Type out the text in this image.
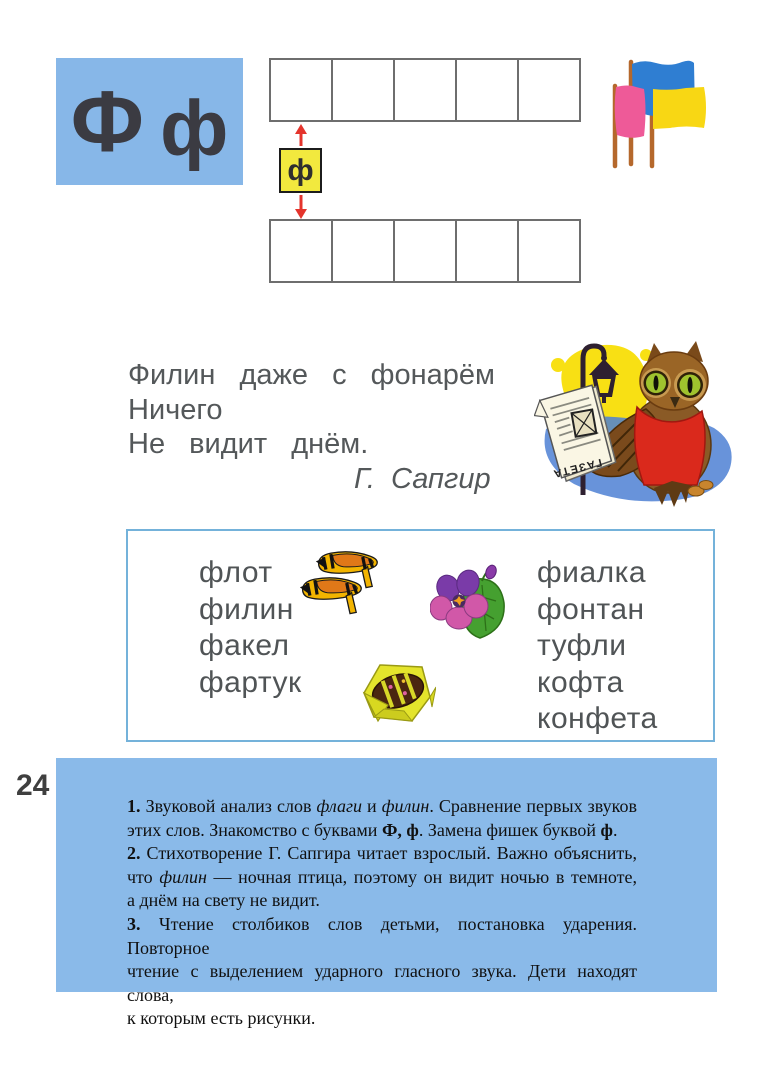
Ф ф ф
Филин даже с фонарём
Ничего
Не видит днём.
Г. Сапгир	ГАЗЕТА
флот
филин
факел
фартук
фиалка
фонтан
туфли
кофта
конфета
24
1. Звуковой анализ слов флаги и филин. Сравнение первых звуков
этих слов. Знакомство с буквами Ф, ф. Замена фишек буквой ф.
2. Стихотворение Г. Сапгира читает взрослый. Важно объяснить,
что филин — ночная птица, поэтому он видит ночью в темноте,
а днём на свету не видит.
3. Чтение столбиков слов детьми, постановка ударения. Повторное
чтение с выделением ударного гласного звука. Дети находят слова,
к которым есть рисунки.
